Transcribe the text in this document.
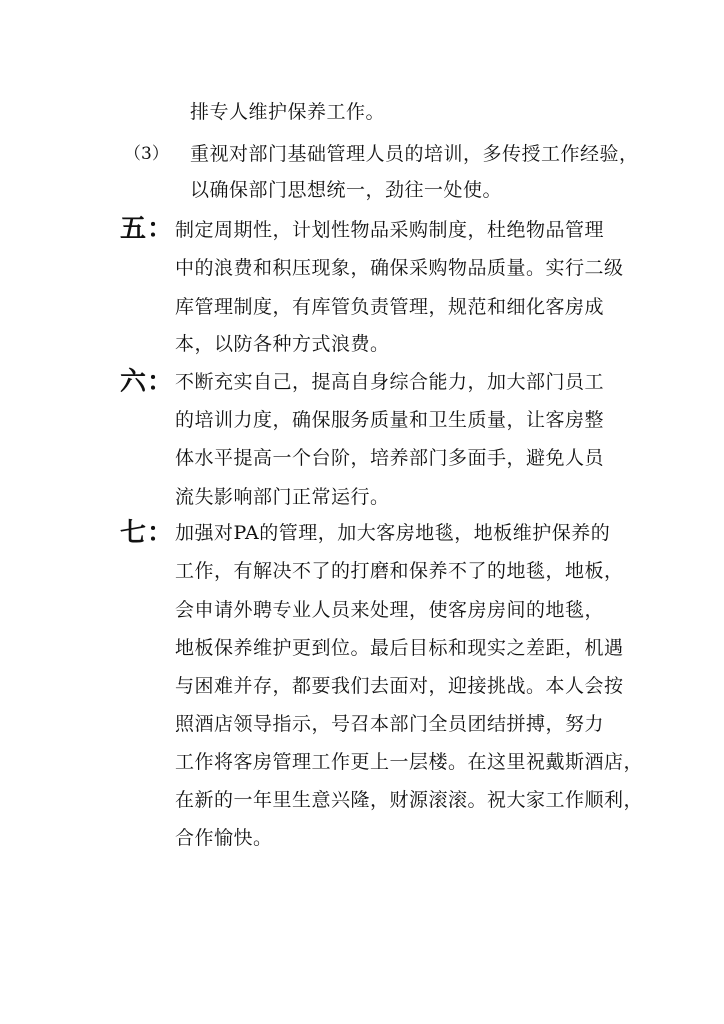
排专人维护保养工作。
（3） 重视对部门基础管理人员的培训，多传授工作经验，
以确保部门思想统一，劲往一处使。
五： 制定周期性，计划性物品采购制度，杜绝物品管理
中的浪费和积压现象，确保采购物品质量。实行二级
库管理制度，有库管负责管理，规范和细化客房成
本，以防各种方式浪费。
六： 不断充实自己，提高自身综合能力，加大部门员工
的培训力度，确保服务质量和卫生质量，让客房整
体水平提高一个台阶，培养部门多面手，避免人员
流失影响部门正常运行。
七： 加强对PA的管理，加大客房地毯，地板维护保养的
工作，有解决不了的打磨和保养不了的地毯，地板，
会申请外聘专业人员来处理，使客房房间的地毯，
地板保养维护更到位。最后目标和现实之差距，机遇
与困难并存，都要我们去面对，迎接挑战。本人会按
照酒店领导指示，号召本部门全员团结拼搏，努力
工作将客房管理工作更上一层楼。在这里祝戴斯酒店，
在新的一年里生意兴隆，财源滚滚。祝大家工作顺利，
合作愉快。
